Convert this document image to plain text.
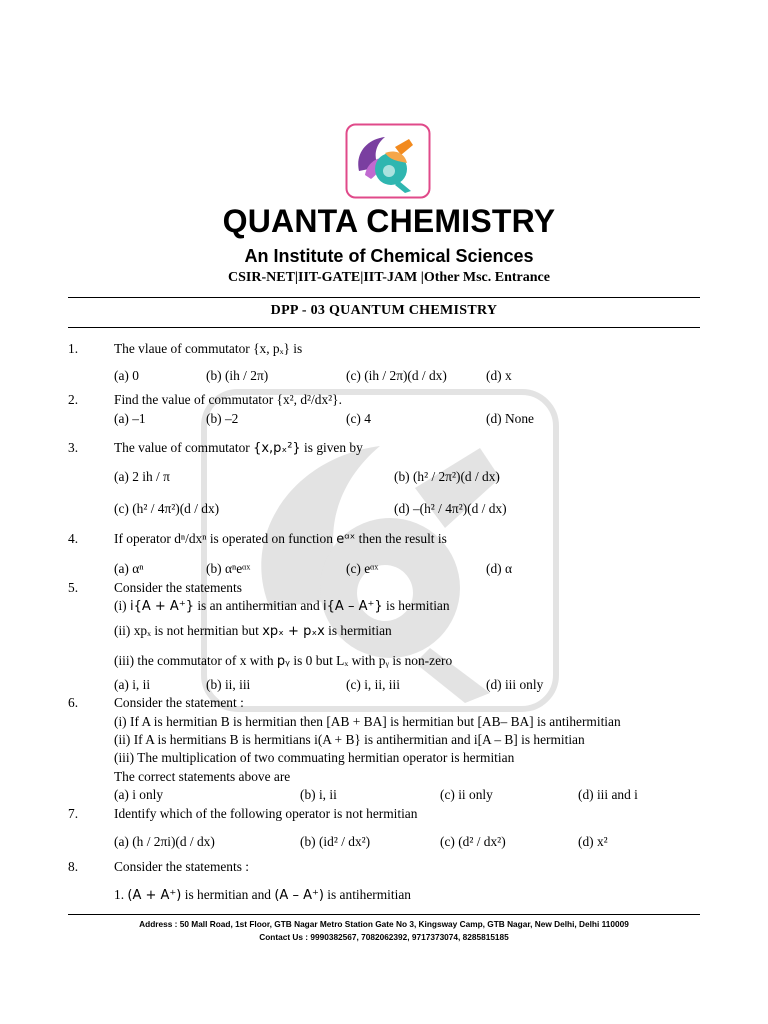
QUANTA CHEMISTRY
An Institute of Chemical Sciences
CSIR-NET|IIT-GATE|IIT-JAM |Other Msc. Entrance
DPP - 03 QUANTUM CHEMISTRY
1.	The vlaue of commutator {x, pₓ} is
(a) 0	(b) (ih / 2π)	(c) (ih / 2π)(d / dx)	(d) x
2.	Find the value of commutator {x², d²/dx²}.
(a) –1	(b) –2	(c) 4	(d) None
3.	The value of commutator {x,pₓ²} is given by
(a) 2 ih / π	(b) (h² / 2π²)(d / dx)
(c) (h² / 4π²)(d / dx)	(d) –(h² / 4π²)(d / dx)
4.	If operator dⁿ/dxⁿ is operated on function eᵅˣ then the result is
(a) αⁿ	(b) αⁿeᵅˣ	(c) eᵅˣ	(d) α
5.	Consider the statements
(i) i{A + A⁺} is an antihermitian and i{A – A⁺} is hermitian
(ii) xpₓ is not hermitian but xpₓ + pₓx is hermitian
(iii) the commutator of x with pᵧ is 0 but Lₓ with pᵧ is non-zero
(a) i, ii	(b) ii, iii	(c) i, ii, iii	(d) iii only
6.	Consider the statement :
(i) If A is hermitian B is hermitian then [AB + BA] is hermitian but [AB– BA] is antihermitian
(ii) If A is hermitians B is hermitians i(A + B} is antihermitian and i[A – B] is hermitian
(iii) The multiplication of two commuating hermitian operator is hermitian
The correct statements above are
(a) i only	(b) i, ii	(c) ii only	(d) iii and i
7.	Identify which of the following operator is not hermitian
(a) (h / 2πi)(d / dx)	(b) (id² / dx²)	(c) (d² / dx²)	(d) x²
8.	Consider the statements :
1. (A + A⁺) is hermitian and (A – A⁺) is antihermitian
Address : 50 Mall Road, 1st Floor, GTB Nagar Metro Station Gate No 3, Kingsway Camp, GTB Nagar, New Delhi, Delhi 110009
Contact Us : 9990382567, 7082062392, 9717373074, 8285815185
